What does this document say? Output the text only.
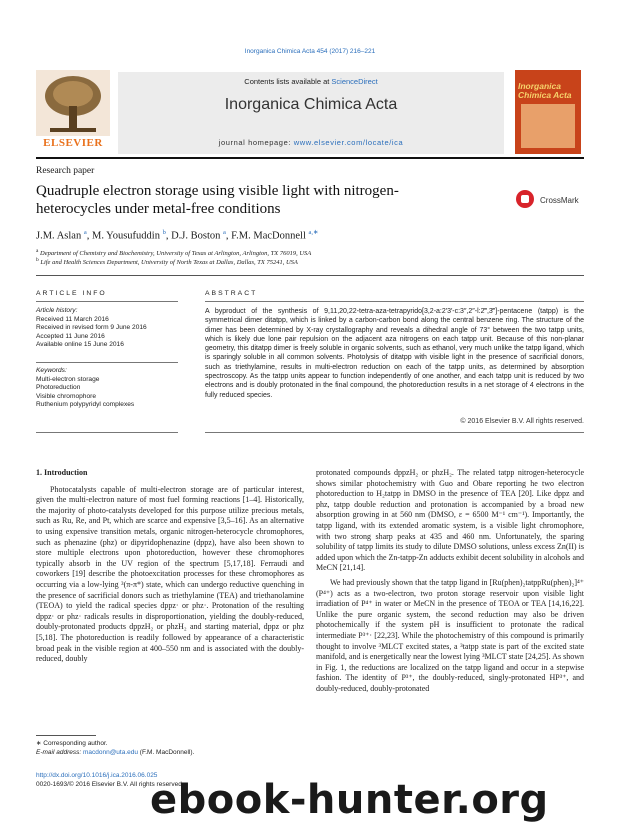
Inorganica Chimica Acta 454 (2017) 216–221
Contents lists available at ScienceDirect
Inorganica Chimica Acta
journal homepage: www.elsevier.com/locate/ica
ELSEVIER
Inorganica Chimica Acta
Research paper
Quadruple electron storage using visible light with nitrogen-heterocycles under metal-free conditions
CrossMark
J.M. Aslan $^a$, M. Yousufuddin $^b$, D.J. Boston $^a$, F.M. MacDonnell $^{a,∗}$
$^a$ Department of Chemistry and Biochemistry, University of Texas at Arlington, Arlington, TX 76019, USA
$^b$ Life and Health Sciences Department, University of North Texas at Dallas, Dallas, TX 75241, USA
ARTICLE INFO
Article history:
Received 11 March 2016
Received in revised form 9 June 2016
Accepted 11 June 2016
Available online 15 June 2016
Keywords:
Multi-electron storage
Photoreduction
Visible chromophore
Ruthenium polypyridyl complexes
ABSTRACT
A byproduct of the synthesis of 9,11,20,22-tetra-aza-tetrapyrido[3,2-a:2′3′-c:3″,2″-l:2‴,3‴]-pentacene (tatpp) is the symmetrical dimer ditatpp, which is linked by a carbon-carbon bond along the central benzene ring. The structure of the dimer has been determined by X-ray crystallography and reveals a dihedral angle of 73° between the two tatpp units, which is likely due lone pair repulsion on the adjacent aza nitrogens on each tatpp unit. Because of this non-planar geometry, this ditatpp dimer is freely soluble in organic solvents, such as ethanol, very much unlike the tatpp ligand, which is sparingly soluble in all common solvents. Photolysis of ditatpp with visible light in the presence of sacrificial donors, such as triethylamine, results in multi-electron reduction on each of the tatpp units, as determined by absorption spectroscopy. As the tatpp units appear to function independently of one another, and each tatpp unit is reduced by two electrons and is doubly protonated in the final compound, the photoreduction results in a net storage of 4 electrons in the fully reduced species.
© 2016 Elsevier B.V. All rights reserved.
1. Introduction
Photocatalysts capable of multi-electron storage are of particular interest, given the multi-electron nature of most fuel forming reactions [1–4]. Historically, the majority of photo-catalysts developed for this purpose utilize precious metals, such as Ru, Re, and Pt, which are scarce and expensive [3,5–16]. As an alternative to using expensive transition metals, organic nitrogen-heterocycle chromophores, such as phenazine (phz) or dipyridophenazine (dppz), have also been shown to store multiple electrons upon photoreduction, however these chromophores typically absorb in the UV region of the spectrum [5,17,18]. Ferraudi and coworkers [19] describe the photoexcitation processes for these chromophores as occurring via a low-lying ³(π-π*) state, which can undergo reductive quenching in the presence of sacrificial donors such as triethylamine (TEA) and triethanolamine (TEOA) to yield the radical species dppz· or phz·. Protonation of the resulting dppz· or phz· radicals results in disproportionation, yielding the doubly-reduced, doubly-protonated products dppzH₂ or phzH₂ and starting material, dppz or phz [5,18]. The photoreduction is readily followed by appearance of a characteristic broad peak in the visible region at 400–550 nm and is associated with the doubly-reduced, doubly
protonated compounds dppzH₂ or phzH₂. The related tatpp nitrogen-heterocycle shows similar photochemistry with Guo and Obare reporting he two electron photoreduction to H₂tatpp in DMSO in the presence of TEA [20]. Like dppz and phz, tatpp double reduction and protonation is accompanied by a broad new absorption growing in at 560 nm (DMSO, ε = 6500 M⁻¹ cm⁻¹). Importantly, the tatpp ligand, with its extended aromatic system, is a visible light chromophore, with two strong sharp peaks at 435 and 460 nm. Unfortunately, the sparing solubility of tatpp limits its study to dilute DMSO solutions, unless excess Zn(II) is added upon which the Zn-tatpp-Zn adducts exhibit decent solubility in alcohols and MeCN [21,14].
We had previously shown that the tatpp ligand in [Ru(phen)₂tatppRu(phen)₂]⁴⁺ (P⁴⁺) acts as a two-electron, two proton storage reservoir upon visible light irradiation of P⁴⁺ in water or MeCN in the presence of TEOA or TEA [14,16,22]. Unlike the pure organic system, the second reduction may also be driven photochemically if the system pH is insufficient to protonate the radical intermediate P³⁺· [22,23]. While the photochemistry of this compound is primarily thought to involve ³MLCT excited states, a ³tatpp state is part of the excited state manifold, and is energetically near the lowest lying ³MLCT state [24,25]. As shown in Fig. 1, the reductions are localized on the tatpp ligand and occur in a stepwise fashion. The identity of P³⁺, the doubly-reduced, singly-protonated HP³⁺, and doubly-reduced, doubly-protonated
∗ Corresponding author.
E-mail address: macdonn@uta.edu (F.M. MacDonnell).
http://dx.doi.org/10.1016/j.ica.2016.06.025
0020-1693/© 2016 Elsevier B.V. All rights reserved.
ebook-hunter.org
